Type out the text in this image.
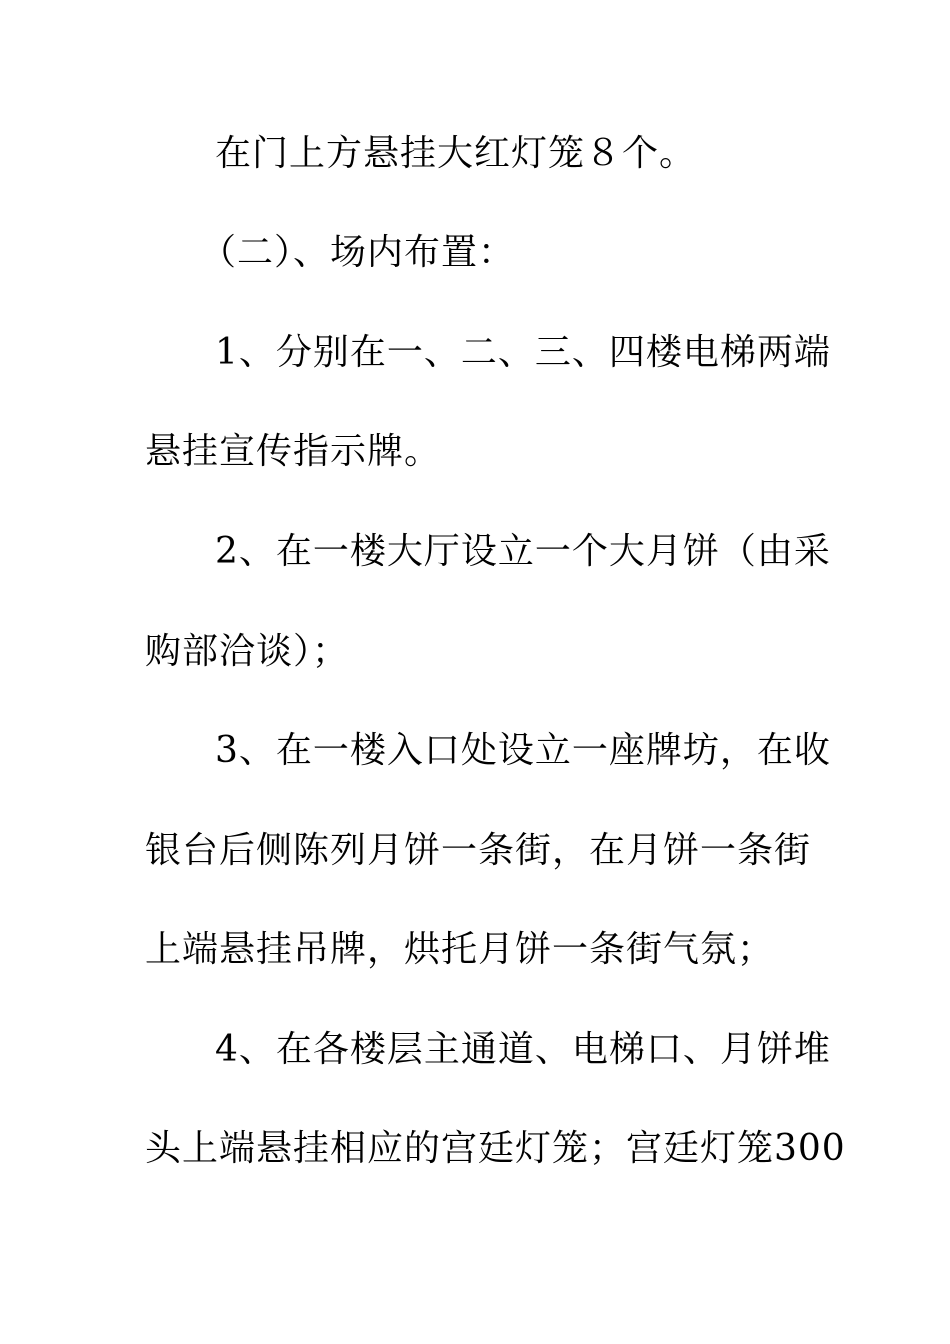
在门上方悬挂大红灯笼８个。
（二）、场内布置：
1、分别在一、二、三、四楼电梯两端
悬挂宣传指示牌。
2、在一楼大厅设立一个大月饼（由采
购部洽谈）；
3、在一楼入口处设立一座牌坊，在收
银台后侧陈列月饼一条街，在月饼一条街
上端悬挂吊牌，烘托月饼一条街气氛；
4、在各楼层主通道、电梯口、月饼堆
头上端悬挂相应的宫廷灯笼；宫廷灯笼300
